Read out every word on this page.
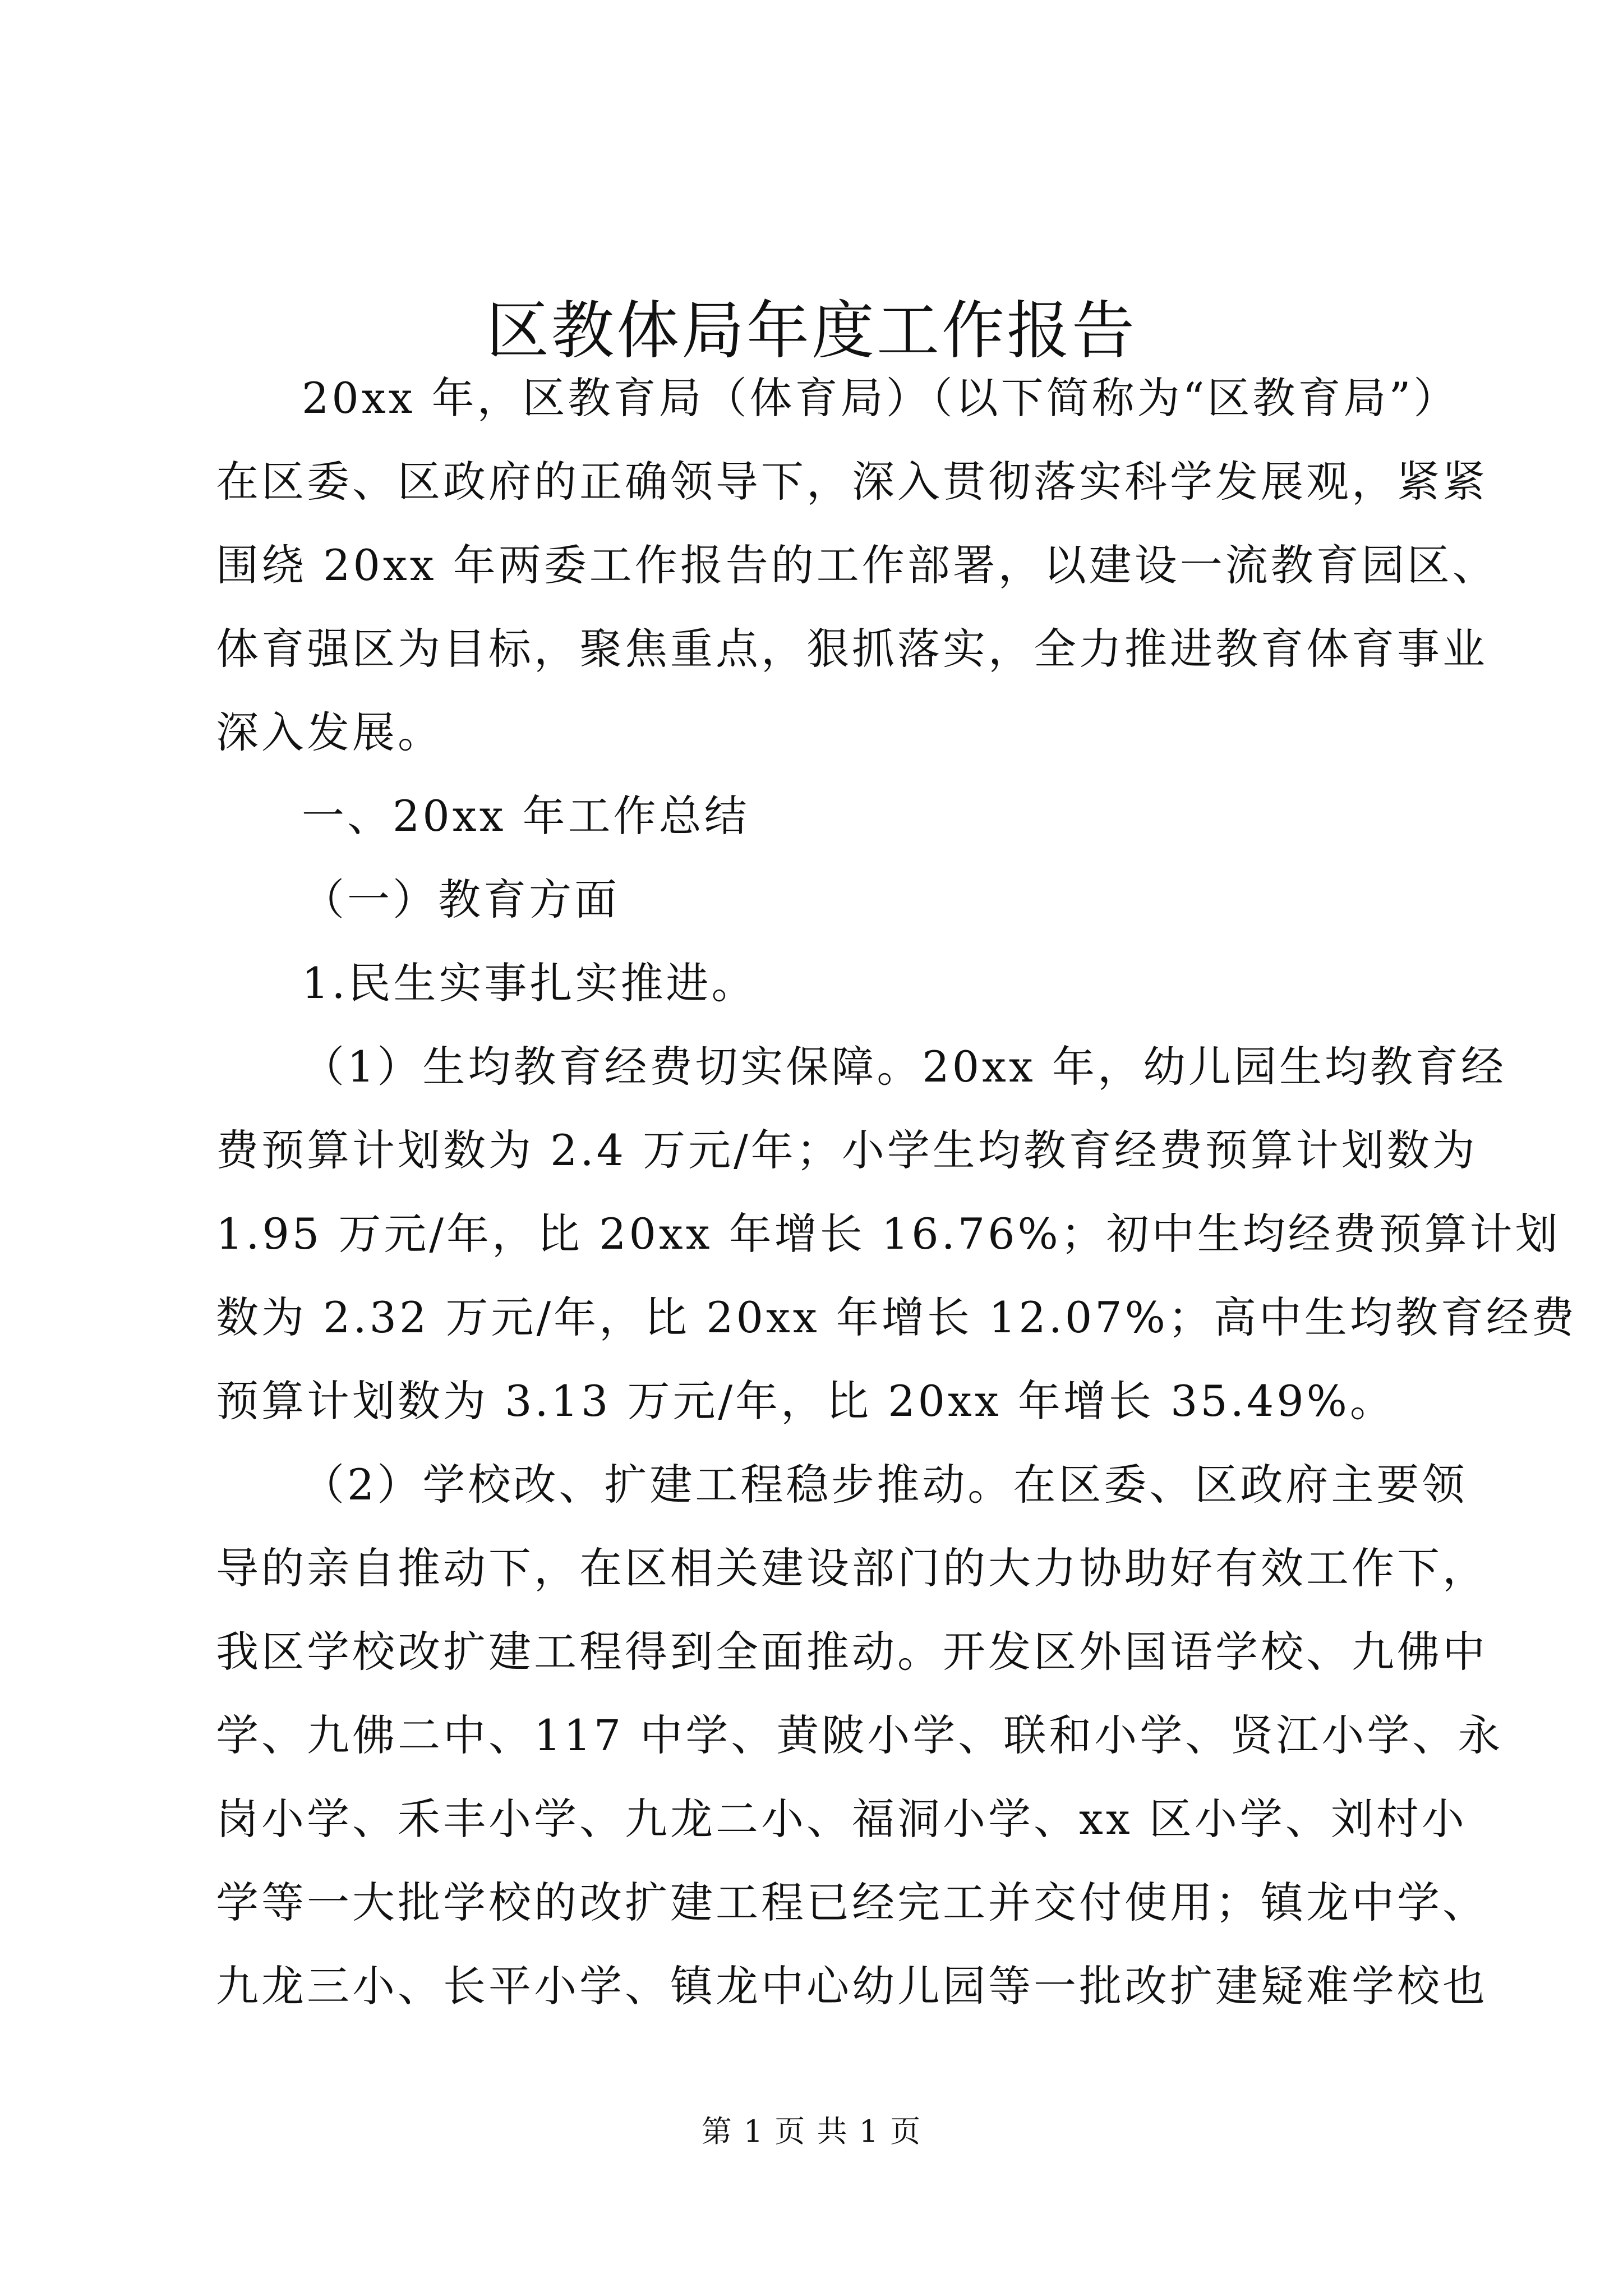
区教体局年度工作报告
20xx 年，区教育局（体育局）（以下简称为“区教育局”）
在区委、区政府的正确领导下，深入贯彻落实科学发展观，紧紧
围绕 20xx 年两委工作报告的工作部署，以建设一流教育园区、
体育强区为目标，聚焦重点，狠抓落实，全力推进教育体育事业
深入发展。
一、20xx 年工作总结
（一）教育方面
1.民生实事扎实推进。
（1）生均教育经费切实保障。20xx 年，幼儿园生均教育经
费预算计划数为 2.4 万元/年；小学生均教育经费预算计划数为
1.95 万元/年，比 20xx 年增长 16.76%；初中生均经费预算计划
数为 2.32 万元/年，比 20xx 年增长 12.07%；高中生均教育经费
预算计划数为 3.13 万元/年，比 20xx 年增长 35.49%。
（2）学校改、扩建工程稳步推动。在区委、区政府主要领
导的亲自推动下，在区相关建设部门的大力协助好有效工作下，
我区学校改扩建工程得到全面推动。开发区外国语学校、九佛中
学、九佛二中、117 中学、黄陂小学、联和小学、贤江小学、永
岗小学、禾丰小学、九龙二小、福洞小学、xx 区小学、刘村小
学等一大批学校的改扩建工程已经完工并交付使用；镇龙中学、
九龙三小、长平小学、镇龙中心幼儿园等一批改扩建疑难学校也
第 1 页 共 1 页
